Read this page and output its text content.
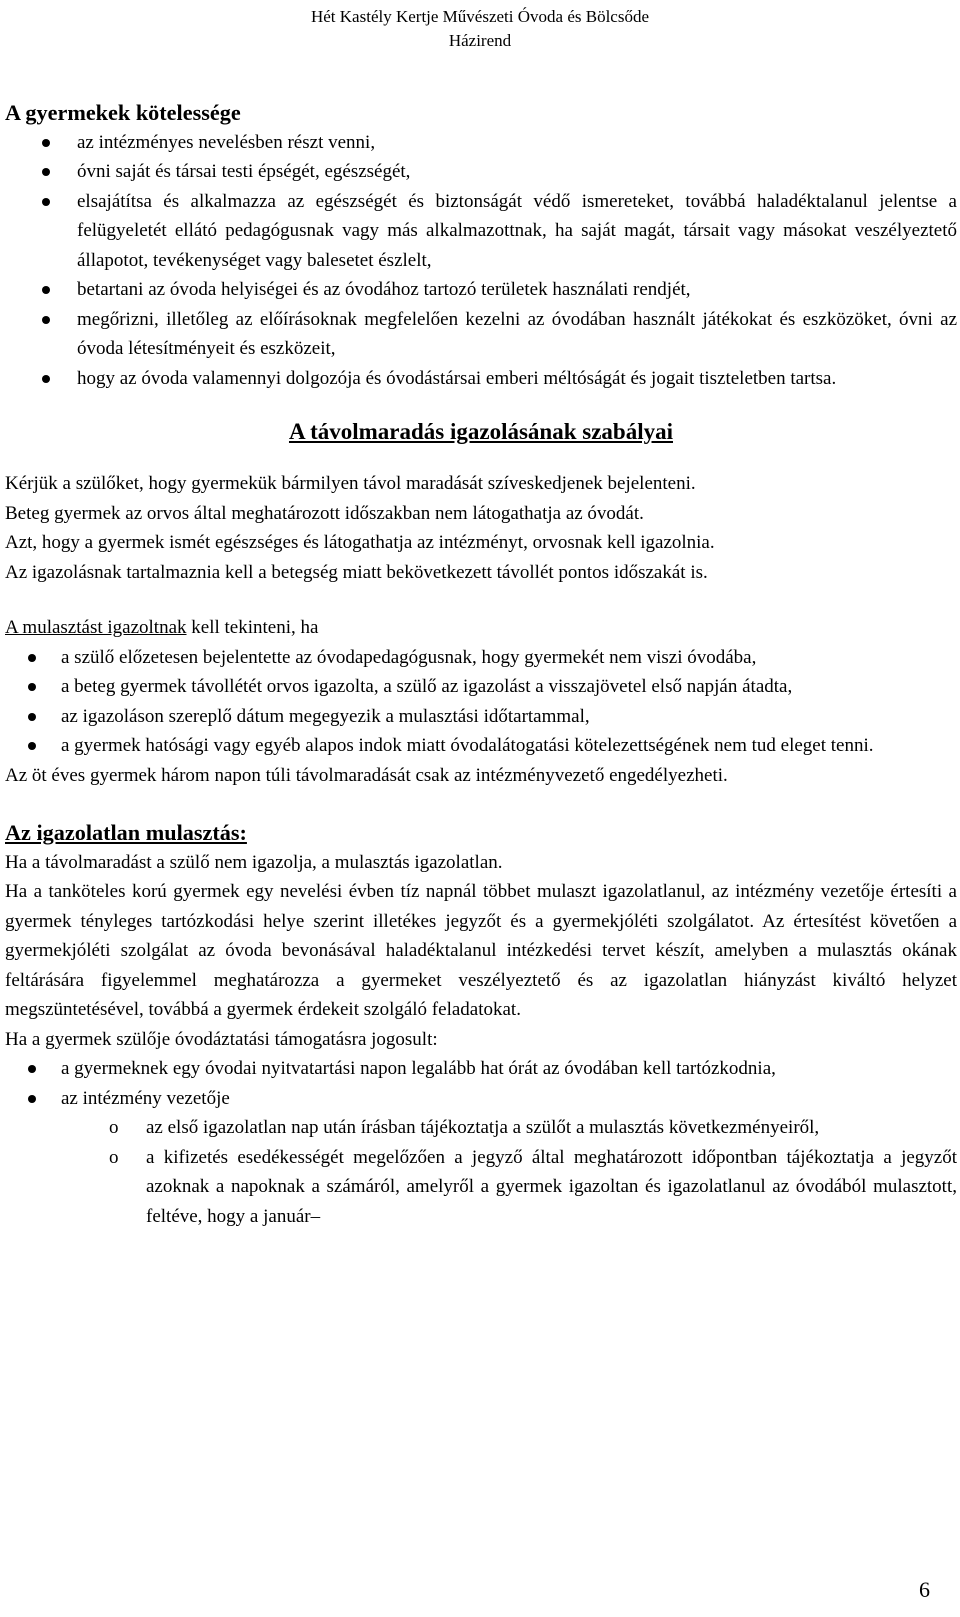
Hét Kastély Kertje Művészeti Óvoda és Bölcsőde
Házirend
A gyermekek kötelessége
az intézményes nevelésben részt venni,
óvni saját és társai testi épségét, egészségét,
elsajátítsa és alkalmazza az egészségét és biztonságát védő ismereteket, továbbá haladéktalanul jelentse a felügyeletét ellátó pedagógusnak vagy más alkalmazottnak, ha saját magát, társait vagy másokat veszélyeztető állapotot, tevékenységet vagy balesetet észlelt,
betartani az óvoda helyiségei és az óvodához tartozó területek használati rendjét,
megőrizni, illetőleg az előírásoknak megfelelően kezelni az óvodában használt játékokat és eszközöket, óvni az óvoda létesítményeit és eszközeit,
hogy az óvoda valamennyi dolgozója és óvodástársai emberi méltóságát és jogait tiszteletben tartsa.
A távolmaradás igazolásának szabályai

Kérjük a szülőket, hogy gyermekük bármilyen távol maradását szíveskedjenek bejelenteni.

Beteg gyermek az orvos által meghatározott időszakban nem látogathatja az óvodát.

Azt, hogy a gyermek ismét egészséges és látogathatja az intézményt, orvosnak kell igazolnia.

Az igazolásnak tartalmaznia kell a betegség miatt bekövetkezett távollét pontos időszakát is.

A mulasztást igazoltnak kell tekinteni, ha

a szülő előzetesen bejelentette az óvodapedagógusnak, hogy gyermekét nem viszi óvodába,
a beteg gyermek távollétét orvos igazolta, a szülő az igazolást a visszajövetel első napján átadta,
az igazoláson szereplő dátum megegyezik a mulasztási időtartammal,
a gyermek hatósági vagy egyéb alapos indok miatt óvodalátogatási kötelezettségének nem tud eleget tenni.

Az öt éves gyermek három napon túli távolmaradását csak az intézményvezető engedélyezheti.

Az igazolatlan mulasztás:

Ha a távolmaradást a szülő nem igazolja, a mulasztás igazolatlan.

Ha a tanköteles korú gyermek egy nevelési évben tíz napnál többet mulaszt igazolatlanul, az intézmény vezetője értesíti a gyermek tényleges tartózkodási helye szerint illetékes jegyzőt és a gyermekjóléti szolgálatot. Az értesítést követően a gyermekjóléti szolgálat az óvoda bevonásával haladéktalanul intézkedési tervet készít, amelyben a mulasztás okának feltárására figyelemmel meghatározza a gyermeket veszélyeztető és az igazolatlan hiányzást kiváltó helyzet megszüntetésével, továbbá a gyermek érdekeit szolgáló feladatokat.

Ha a gyermek szülője óvodáztatási támogatásra jogosult:

a gyermeknek egy óvodai nyitvatartási napon legalább hat órát az óvodában kell tartózkodnia,
az intézmény vezetője
o az első igazolatlan nap után írásban tájékoztatja a szülőt a mulasztás következményeiről,
o a kifizetés esedékességét megelőzően a jegyző által meghatározott időpontban tájékoztatja a jegyzőt azoknak a napoknak a számáról, amelyről a gyermek igazoltan és igazolatlanul az óvodából mulasztott, feltéve, hogy a január–
6
